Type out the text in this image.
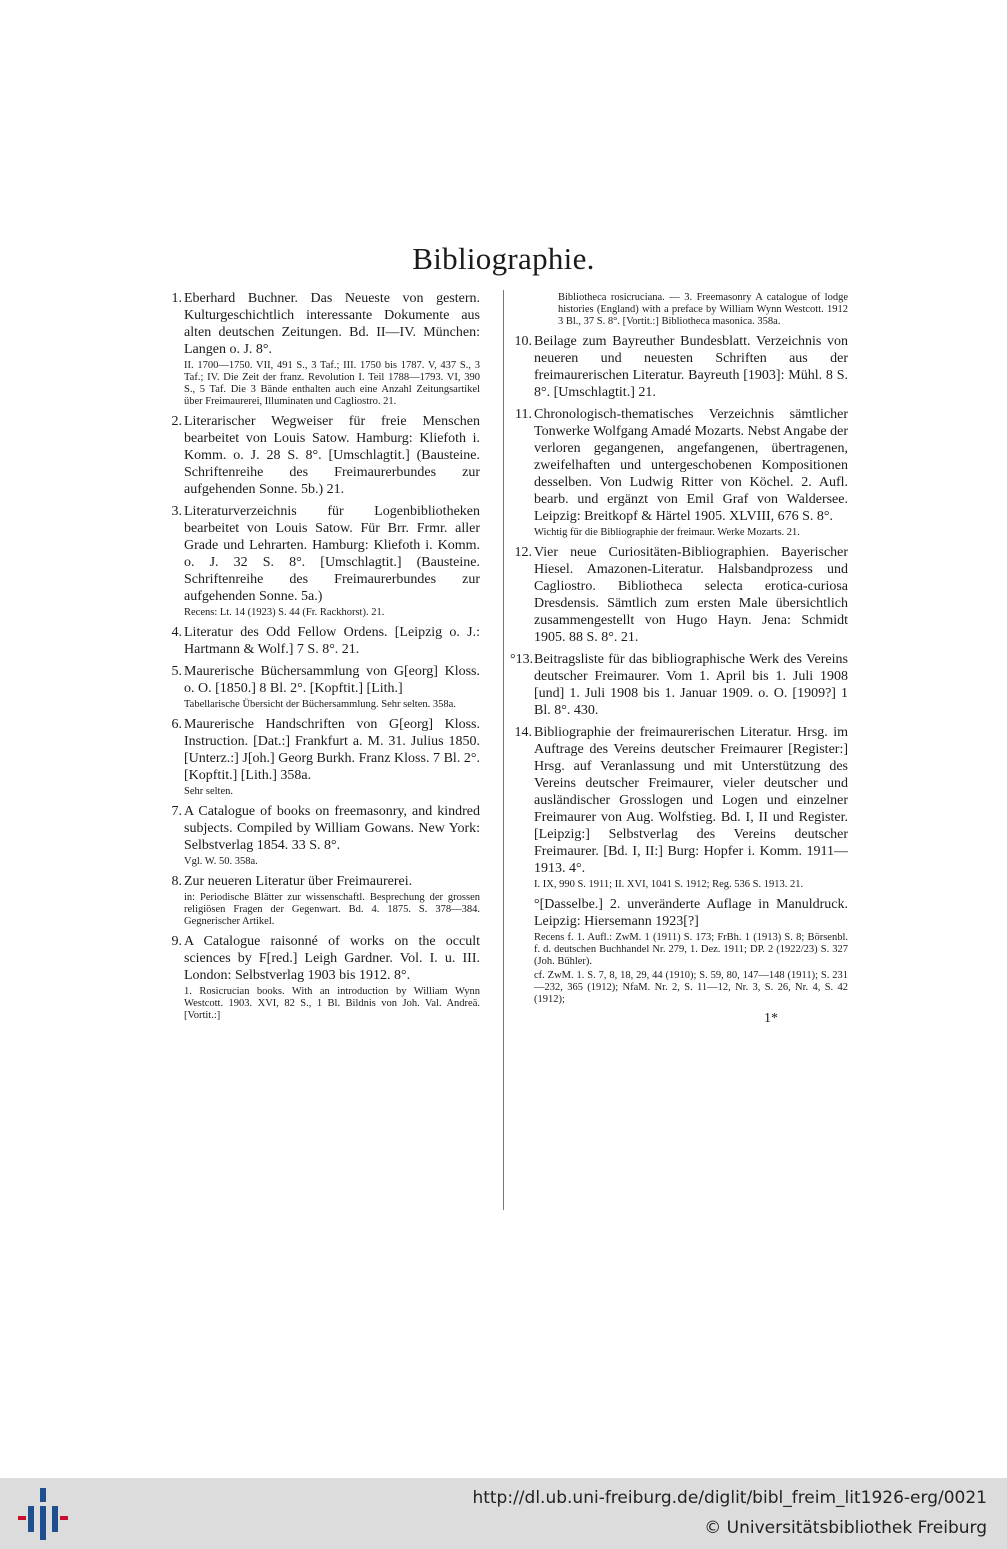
Bibliographie.
1. Eberhard Buchner. Das Neueste von gestern. Kulturgeschichtlich interessante Dokumente aus alten deutschen Zeitungen. Bd. II—IV. München: Langen o. J. 8°.
II. 1700—1750. VII, 491 S., 3 Taf.; III. 1750 bis 1787. V, 437 S., 3 Taf.; IV. Die Zeit der franz. Revolution I. Teil 1788—1793. VI, 390 S., 5 Taf. Die 3 Bände enthalten auch eine Anzahl Zeitungsartikel über Freimaurerei, Illuminaten und Cagliostro. 21.
2. Literarischer Wegweiser für freie Menschen bearbeitet von Louis Satow. Hamburg: Kliefoth i. Komm. o. J. 28 S. 8°. [Umschlagtit.] (Bausteine. Schriftenreihe des Freimaurerbundes zur aufgehenden Sonne. 5b.) 21.
3. Literaturverzeichnis für Logenbibliotheken bearbeitet von Louis Satow. Für Brr. Frmr. aller Grade und Lehrarten. Hamburg: Kliefoth i. Komm. o. J. 32 S. 8°. [Umschlagtit.] (Bausteine. Schriftenreihe des Freimaurerbundes zur aufgehenden Sonne. 5a.)
Recens: Lt. 14 (1923) S. 44 (Fr. Rackhorst). 21.
4. Literatur des Odd Fellow Ordens. [Leipzig o. J.: Hartmann & Wolf.] 7 S. 8°. 21.
5. Maurerische Büchersammlung von G[eorg] Kloss. o. O. [1850.] 8 Bl. 2°. [Kopftit.] [Lith.]
Tabellarische Übersicht der Büchersammlung. Sehr selten. 358a.
6. Maurerische Handschriften von G[eorg] Kloss. Instruction. [Dat.:] Frankfurt a. M. 31. Julius 1850. [Unterz.:] J[oh.] Georg Burkh. Franz Kloss. 7 Bl. 2°. [Kopftit.] [Lith.] 358a.
Sehr selten.
7. A Catalogue of books on freemasonry, and kindred subjects. Compiled by William Gowans. New York: Selbstverlag 1854. 33 S. 8°.
Vgl. W. 50. 358a.
8. Zur neueren Literatur über Freimaurerei.
in: Periodische Blätter zur wissenschaftl. Besprechung der grossen religiösen Fragen der Gegenwart. Bd. 4. 1875. S. 378—384. Gegnerischer Artikel.
9. A Catalogue raisonné of works on the occult sciences by F[red.] Leigh Gardner. Vol. I. u. III. London: Selbstverlag 1903 bis 1912. 8°.
1. Rosicrucian books. With an introduction by William Wynn Westcott. 1903. XVI, 82 S., 1 Bl. Bildnis von Joh. Val. Andreä. [Vortit.:]
Bibliotheca rosicruciana. — 3. Freemasonry A catalogue of lodge histories (England) with a preface by William Wynn Westcott. 1912 3 Bl., 37 S. 8°. [Vortit.:] Bibliotheca masonica. 358a.
10. Beilage zum Bayreuther Bundesblatt. Verzeichnis von neueren und neuesten Schriften aus der freimaurerischen Literatur. Bayreuth [1903]: Mühl. 8 S. 8°. [Umschlagtit.] 21.
11. Chronologisch-thematisches Verzeichnis sämtlicher Tonwerke Wolfgang Amadé Mozarts. Nebst Angabe der verloren gegangenen, angefangenen, übertragenen, zweifelhaften und untergeschobenen Kompositionen desselben. Von Ludwig Ritter von Köchel. 2. Aufl. bearb. und ergänzt von Emil Graf von Waldersee. Leipzig: Breitkopf & Härtel 1905. XLVIII, 676 S. 8°.
Wichtig für die Bibliographie der freimaur. Werke Mozarts. 21.
12. Vier neue Curiositäten-Bibliographien. Bayerischer Hiesel. Amazonen-Literatur. Halsbandprozess und Cagliostro. Bibliotheca selecta erotica-curiosa Dresdensis. Sämtlich zum ersten Male übersichtlich zusammengestellt von Hugo Hayn. Jena: Schmidt 1905. 88 S. 8°. 21.
°13. Beitragsliste für das bibliographische Werk des Vereins deutscher Freimaurer. Vom 1. April bis 1. Juli 1908 [und] 1. Juli 1908 bis 1. Januar 1909. o. O. [1909?] 1 Bl. 8°. 430.
14. Bibliographie der freimaurerischen Literatur. Hrsg. im Auftrage des Vereins deutscher Freimaurer [Register:] Hrsg. auf Veranlassung und mit Unterstützung des Vereins deutscher Freimaurer, vieler deutscher und ausländischer Grosslogen und Logen und einzelner Freimaurer von Aug. Wolfstieg. Bd. I, II und Register. [Leipzig:] Selbstverlag des Vereins deutscher Freimaurer. [Bd. I, II:] Burg: Hopfer i. Komm. 1911—1913. 4°.
I. IX, 990 S. 1911; II. XVI, 1041 S. 1912; Reg. 536 S. 1913. 21.
°[Dasselbe.] 2. unveränderte Auflage in Manuldruck. Leipzig: Hiersemann 1923[?]
Recens f. 1. Aufl.: ZwM. 1 (1911) S. 173; FrBh. 1 (1913) S. 8; Börsenbl. f. d. deutschen Buchhandel Nr. 279, 1. Dez. 1911; DP. 2 (1922/23) S. 327 (Joh. Bühler).
cf. ZwM. 1. S. 7, 8, 18, 29, 44 (1910); S. 59, 80, 147—148 (1911); S. 231—232, 365 (1912); NfaM. Nr. 2, S. 11—12, Nr. 3, S. 26, Nr. 4, S. 42 (1912);
1*
http://dl.ub.uni-freiburg.de/diglit/bibl_freim_lit1926-erg/0021
© Universitätsbibliothek Freiburg
